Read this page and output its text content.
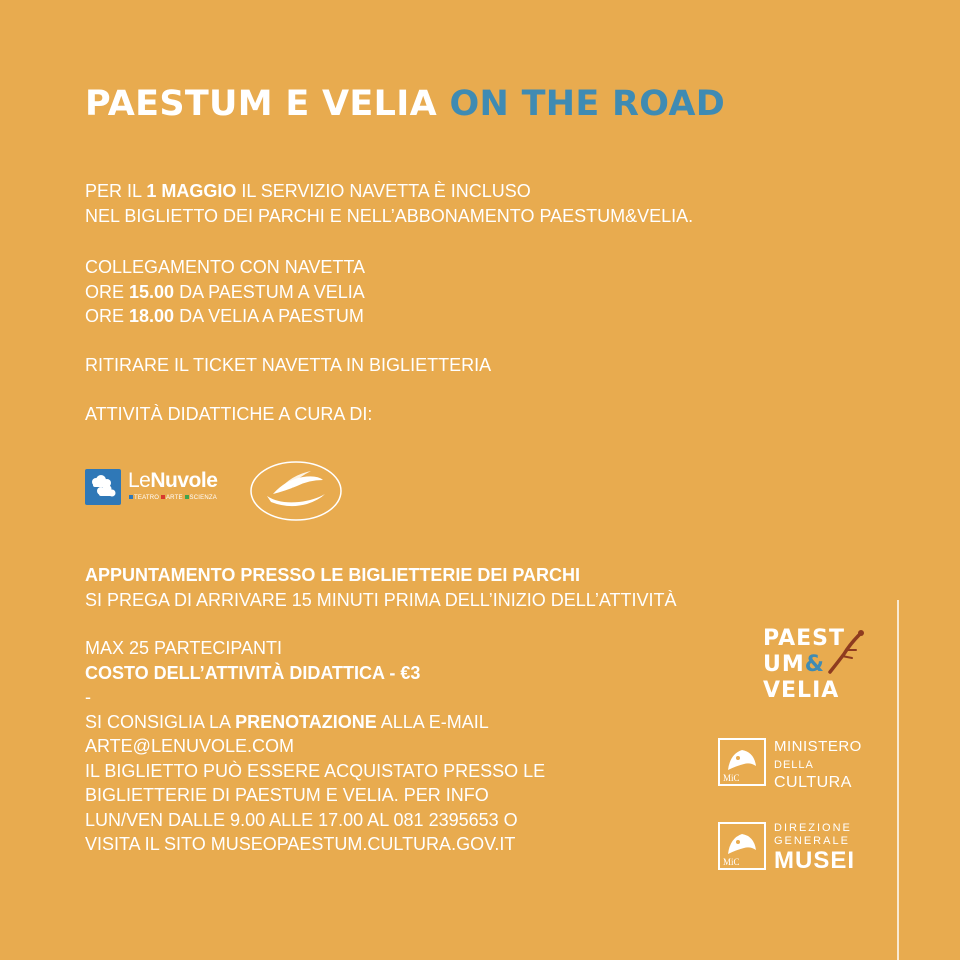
PAESTUM E VELIA ON THE ROAD
PER IL 1 MAGGIO IL SERVIZIO NAVETTA È INCLUSO
NEL BIGLIETTO DEI PARCHI E NELL’ABBONAMENTO PAESTUM&VELIA.
COLLEGAMENTO CON NAVETTA
ORE 15.00 DA PAESTUM A VELIA
ORE 18.00 DA VELIA A PAESTUM
RITIRARE IL TICKET NAVETTA IN BIGLIETTERIA
ATTIVITÀ DIDATTICHE A CURA DI:
LeNuvole
TEATRO ARTE SCIENZA
APPUNTAMENTO PRESSO LE BIGLIETTERIE DEI PARCHI
SI PREGA DI ARRIVARE 15 MINUTI PRIMA DELL’INIZIO DELL’ATTIVITÀ
MAX 25 PARTECIPANTI
COSTO DELL’ATTIVITÀ DIDATTICA - €3
-
SI CONSIGLIA LA PRENOTAZIONE ALLA E-MAIL
ARTE@LENUVOLE.COM
IL BIGLIETTO PUÒ ESSERE ACQUISTATO PRESSO LE
BIGLIETTERIE DI PAESTUM E VELIA. PER INFO
LUN/VEN DALLE 9.00 ALLE 17.00 AL 081 2395653 O
VISITA IL SITO MUSEOPAESTUM.CULTURA.GOV.IT
PAEST
UM&
VELIA
MiC
MINISTERO
DELLA
CULTURA
MiC
DIREZIONE
GENERALE
MUSEI
